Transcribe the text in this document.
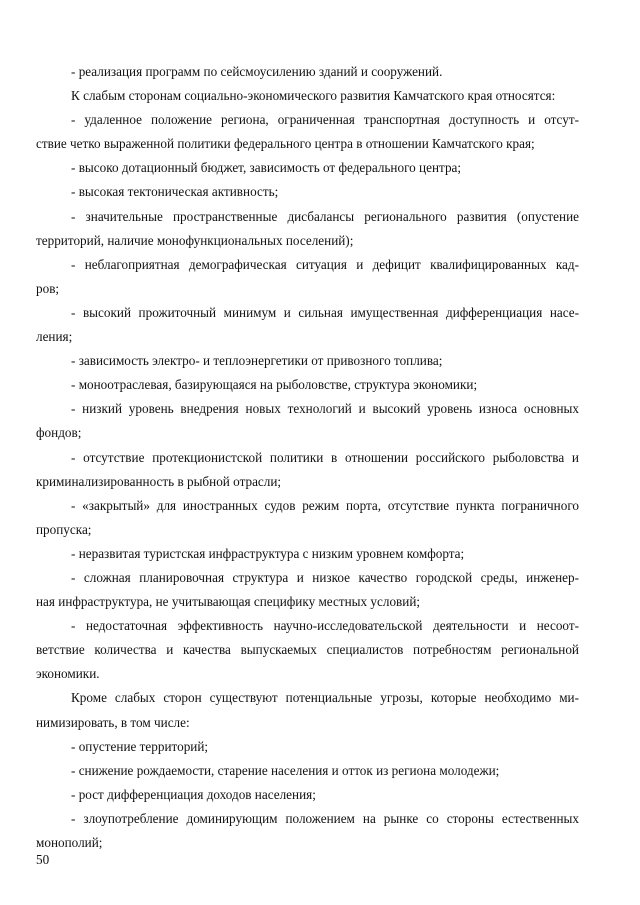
- реализация программ по сейсмоусилению зданий и сооружений.

К слабым сторонам социально-экономического развития Камчатского края относятся:

- удаленное положение региона, ограниченная транспортная доступность и отсут-
ствие четко выраженной политики федерального центра в отношении Камчатского края;

- высоко дотационный бюджет, зависимость от федерального центра;

- высокая тектоническая активность;

- значительные пространственные дисбалансы регионального развития (опустение
территорий, наличие монофункциональных поселений);

- неблагоприятная демографическая ситуация и дефицит квалифицированных кад-
ров;

- высокий прожиточный минимум и сильная имущественная дифференциация насе-
ления;

- зависимость электро- и теплоэнергетики от привозного топлива;

- моноотраслевая, базирующаяся на рыболовстве, структура экономики;

- низкий уровень внедрения новых технологий и высокий уровень износа основных
фондов;

- отсутствие протекционистской политики в отношении российского рыболовства и
криминализированность в рыбной отрасли;

- «закрытый» для иностранных судов режим порта, отсутствие пункта пограничного
пропуска;

- неразвитая туристская инфраструктура с низким уровнем комфорта;

- сложная планировочная структура и низкое качество городской среды, инженер-
ная инфраструктура, не учитывающая специфику местных условий;

- недостаточная эффективность научно-исследовательской деятельности и несоот-
ветствие количества и качества выпускаемых специалистов потребностям региональной
экономики.

Кроме слабых сторон существуют потенциальные угрозы, которые необходимо ми-
нимизировать, в том числе:

- опустение территорий;

- снижение рождаемости, старение населения и отток из региона молодежи;

- рост дифференциация доходов населения;

- злоупотребление доминирующим положением на рынке со стороны естественных
монополий;

50
